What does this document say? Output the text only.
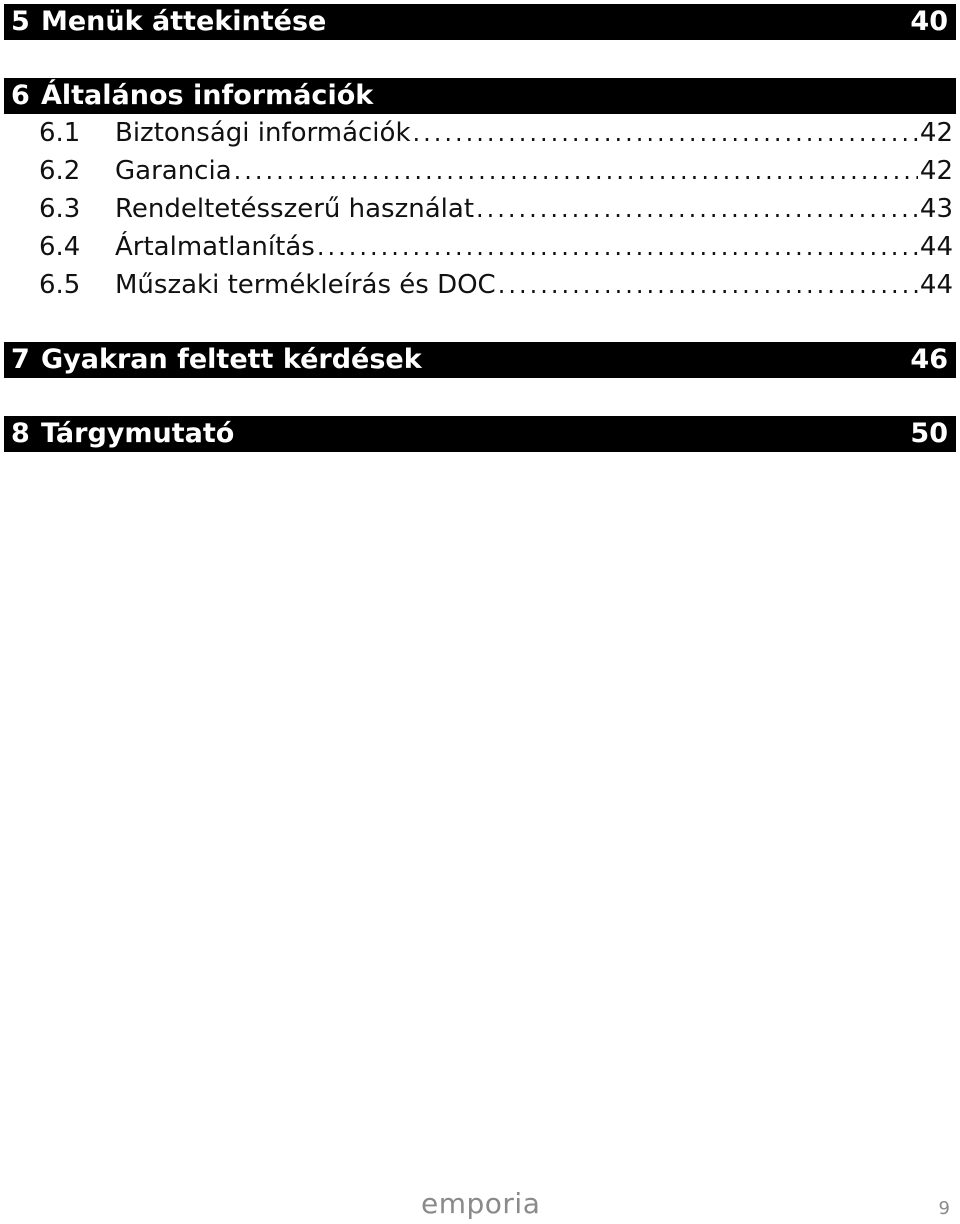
5 Menük áttekintése	40
6 Általános információk
6.1	Biztonsági információk .....	42
6.2	Garancia .....	42
6.3	Rendeltetésszerű használat .....	43
6.4	Ártalmatlanítás .....	44
6.5	Műszaki termékleírás és DOC .....	44
7 Gyakran feltett kérdések	46
8 Tárgymutató	50
emporia	9
